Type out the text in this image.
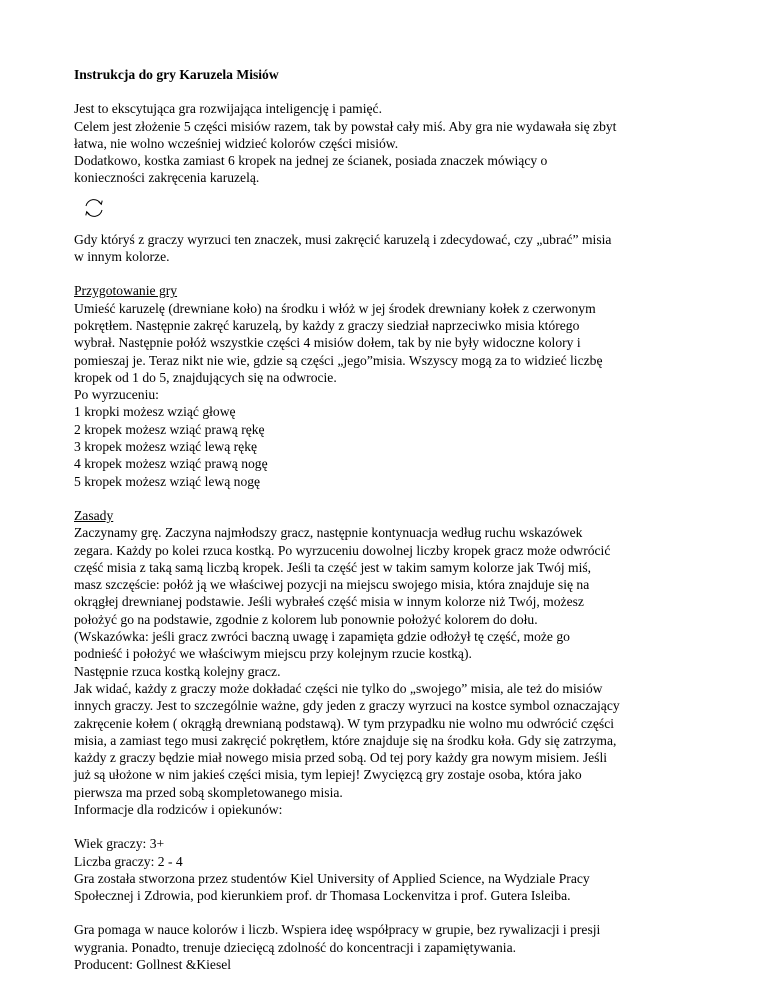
Instrukcja do gry Karuzela Misiów

Jest to ekscytująca gra rozwijająca inteligencję i pamięć.
Celem jest złożenie 5 części misiów razem, tak by powstał cały miś. Aby gra nie wydawała się zbyt
łatwa, nie wolno wcześniej widzieć kolorów części misiów.
Dodatkowo, kostka zamiast 6 kropek na jednej ze ścianek, posiada znaczek mówiący o
konieczności zakręcenia karuzelą.

Gdy któryś z graczy wyrzuci ten znaczek, musi zakręcić karuzelą i zdecydować, czy „ubrać” misia
w innym kolorze.

Przygotowanie gry
Umieść karuzelę (drewniane koło) na środku i włóż w jej środek drewniany kołek z czerwonym
pokrętłem. Następnie zakręć karuzelą, by każdy z graczy siedział naprzeciwko misia którego
wybrał. Następnie połóż wszystkie części 4 misiów dołem, tak by nie były widoczne kolory i
pomieszaj je. Teraz nikt nie wie, gdzie są części „jego”misia. Wszyscy mogą za to widzieć liczbę
kropek od 1 do 5, znajdujących się na odwrocie.
Po wyrzuceniu:
1 kropki możesz wziąć głowę
2 kropek możesz wziąć prawą rękę
3 kropek możesz wziąć lewą rękę
4 kropek możesz wziąć prawą nogę
5 kropek możesz wziąć lewą nogę

Zasady
Zaczynamy grę. Zaczyna najmłodszy gracz, następnie kontynuacja według ruchu wskazówek
zegara. Każdy po kolei rzuca kostką. Po wyrzuceniu dowolnej liczby kropek gracz może odwrócić
część misia z taką samą liczbą kropek. Jeśli ta część jest w takim samym kolorze jak Twój miś,
masz szczęście: połóż ją we właściwej pozycji na miejscu swojego misia, która znajduje się na
okrągłej drewnianej podstawie. Jeśli wybrałeś część misia w innym kolorze niż Twój, możesz
położyć go na podstawie, zgodnie z kolorem lub ponownie położyć kolorem do dołu.
(Wskazówka: jeśli gracz zwróci baczną uwagę i zapamięta gdzie odłożył tę część, może go
podnieść i położyć we właściwym miejscu przy kolejnym rzucie kostką).
Następnie rzuca kostką kolejny gracz.
Jak widać, każdy z graczy może dokładać części nie tylko do „swojego” misia, ale też do misiów
innych graczy. Jest to szczególnie ważne, gdy jeden z graczy wyrzuci na kostce symbol oznaczający
zakręcenie kołem ( okrągłą drewnianą podstawą). W tym przypadku nie wolno mu odwrócić części
misia, a zamiast tego musi zakręcić pokrętłem, które znajduje się na środku koła. Gdy się zatrzyma,
każdy z graczy będzie miał nowego misia przed sobą. Od tej pory każdy gra nowym misiem. Jeśli
już są ułożone w nim jakieś części misia, tym lepiej! Zwycięzcą gry zostaje osoba, która jako
pierwsza ma przed sobą skompletowanego misia.
Informacje dla rodziców i opiekunów:

Wiek graczy: 3+
Liczba graczy: 2 - 4
Gra została stworzona przez studentów Kiel University of Applied Science, na Wydziale Pracy
Społecznej i Zdrowia, pod kierunkiem prof. dr Thomasa Lockenvitza i prof. Gutera Isleiba.

Gra pomaga w nauce kolorów i liczb. Wspiera ideę współpracy w grupie, bez rywalizacji i presji
wygrania. Ponadto, trenuje dziecięcą zdolność do koncentracji i zapamiętywania.
Producent: Gollnest &Kiesel
